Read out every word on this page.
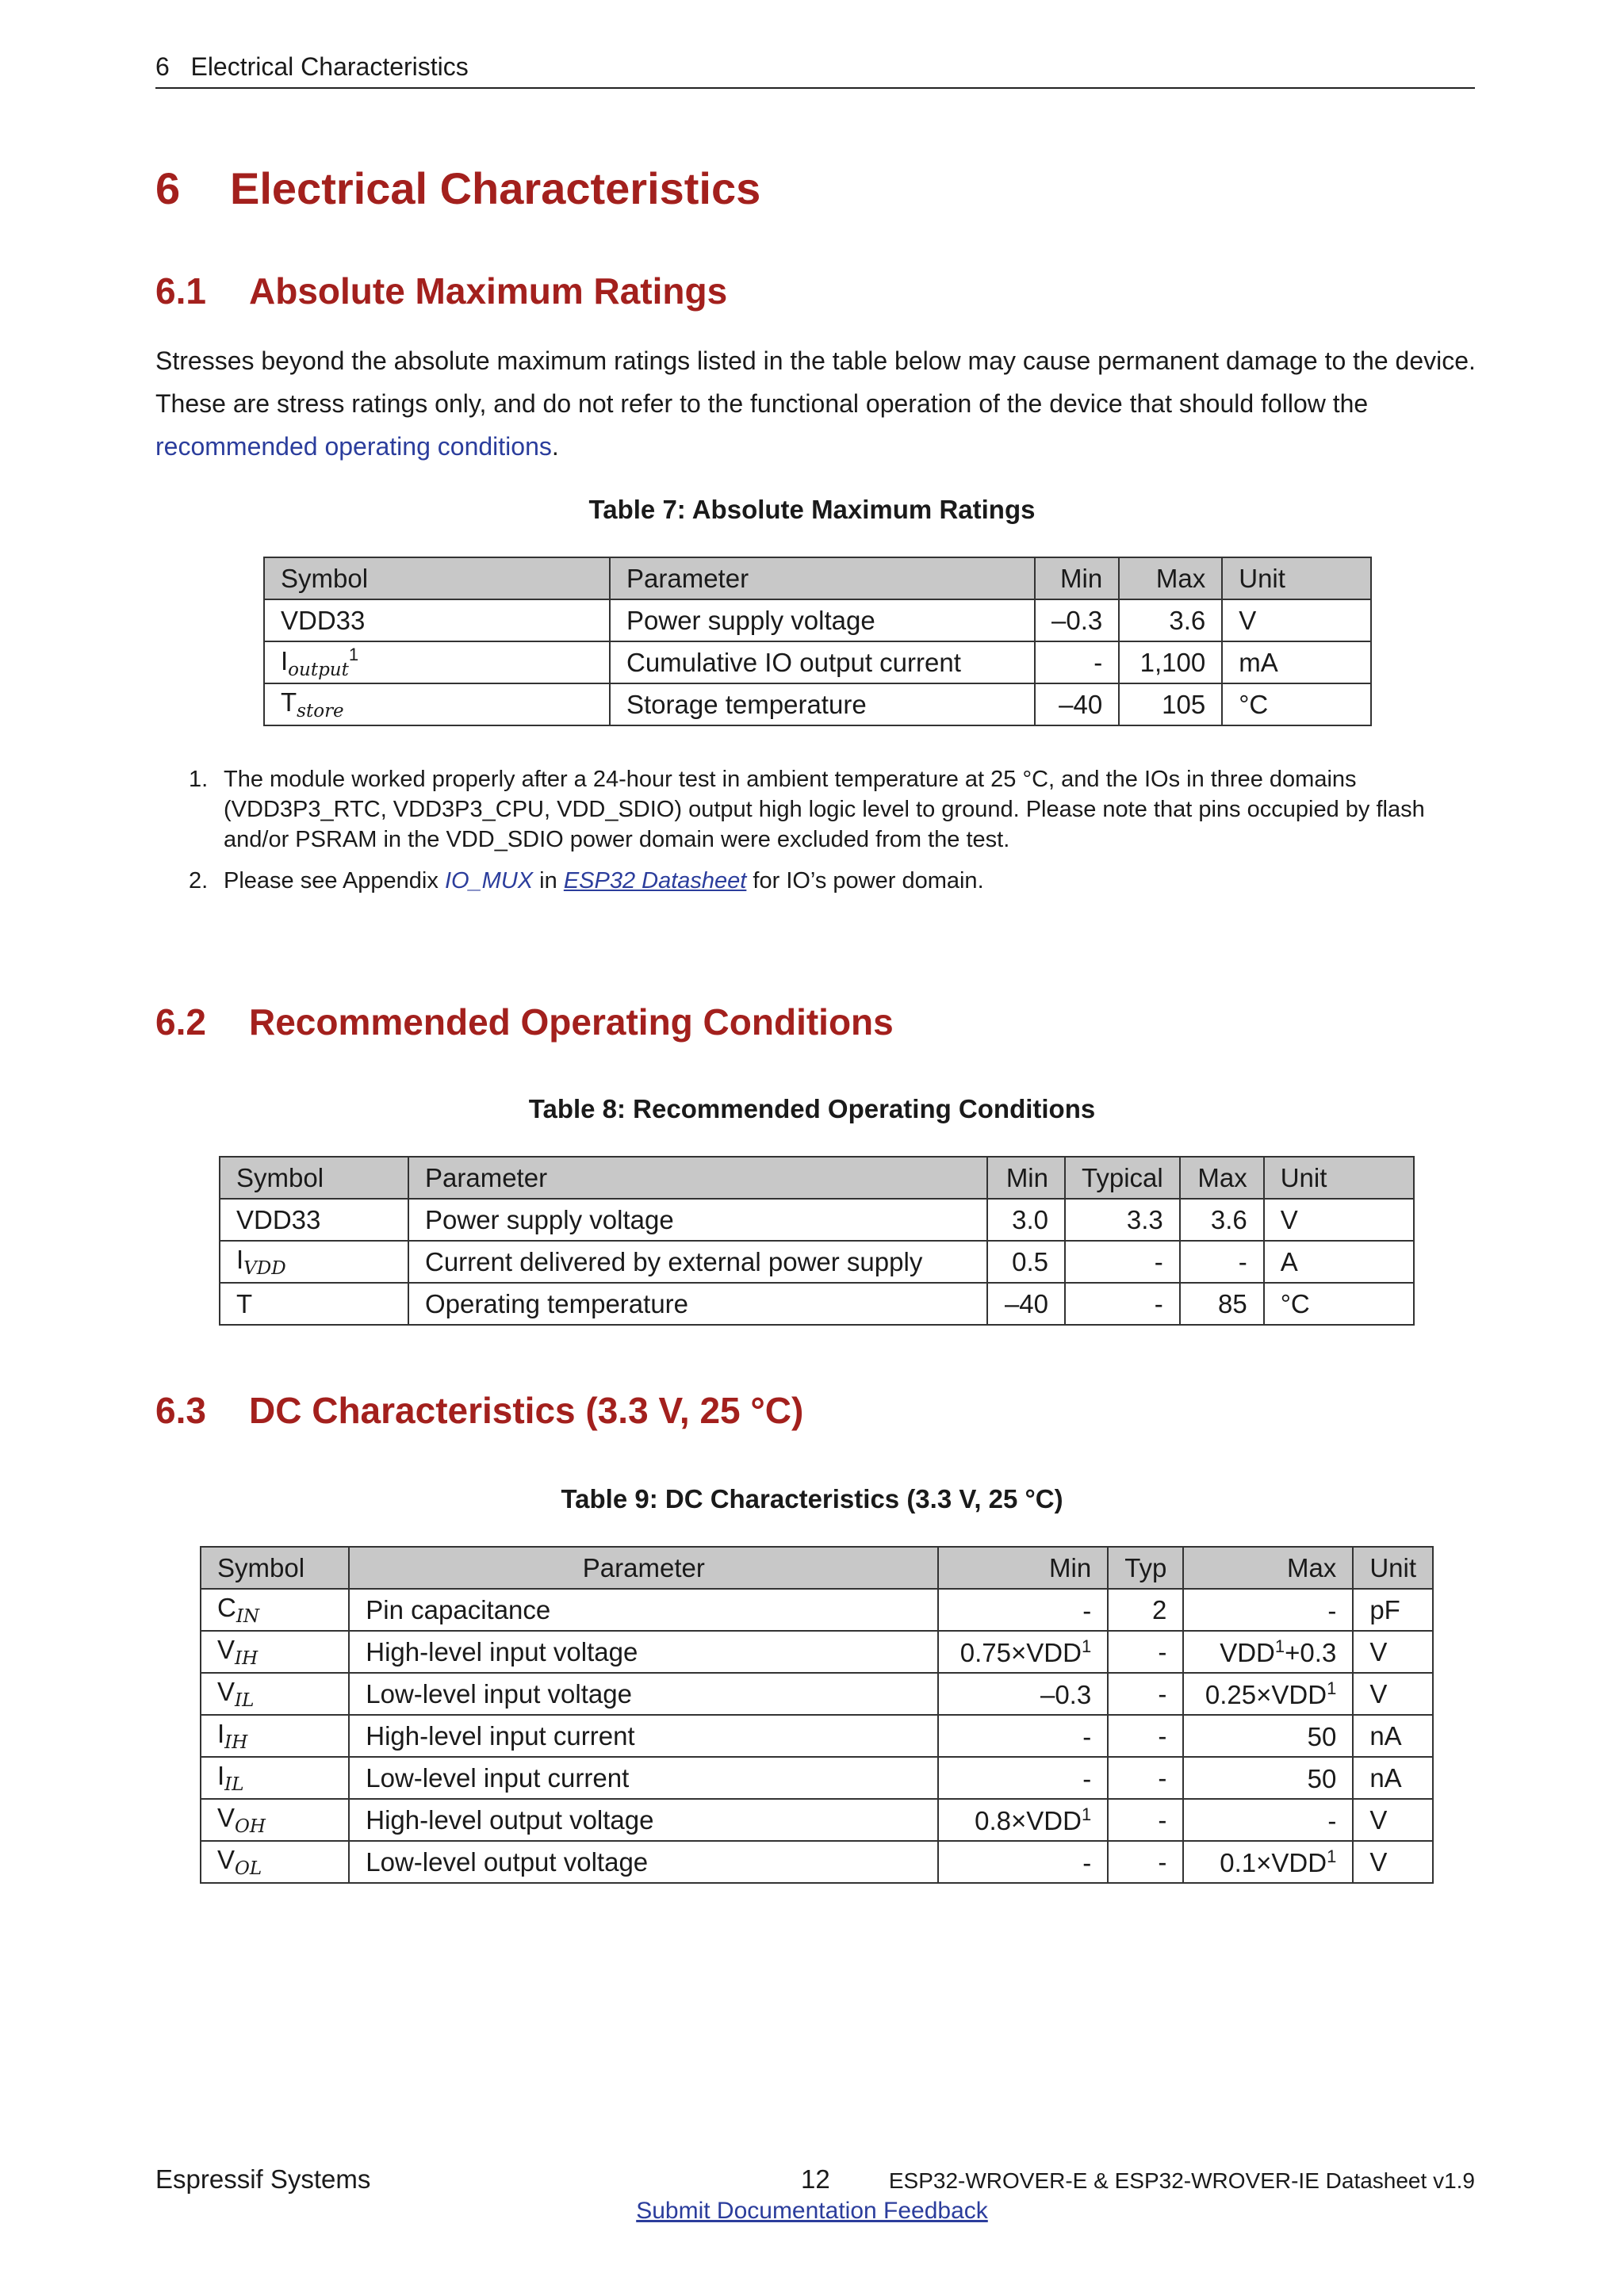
6 Electrical Characteristics
6 Electrical Characteristics
6.1 Absolute Maximum Ratings
Stresses beyond the absolute maximum ratings listed in the table below may cause permanent damage to the device. These are stress ratings only, and do not refer to the functional operation of the device that should follow the recommended operating conditions.
Table 7: Absolute Maximum Ratings
Symbol	Parameter	Min	Max	Unit
VDD33	Power supply voltage	–0.3	3.6	V
$I_{output}^1$	Cumulative IO output current	-	1,100	mA
$T_{store}$	Storage temperature	–40	105	°C
1. The module worked properly after a 24-hour test in ambient temperature at 25 °C, and the IOs in three domains (VDD3P3_RTC, VDD3P3_CPU, VDD_SDIO) output high logic level to ground. Please note that pins occupied by flash and/or PSRAM in the VDD_SDIO power domain were excluded from the test.
2. Please see Appendix IO_MUX in ESP32 Datasheet for IO’s power domain.
6.2 Recommended Operating Conditions
Table 8: Recommended Operating Conditions
Symbol	Parameter	Min	Typical	Max	Unit
VDD33	Power supply voltage	3.0	3.3	3.6	V
$I_{VDD}$	Current delivered by external power supply	0.5	-	-	A
T	Operating temperature	–40	-	85	°C
6.3 DC Characteristics (3.3 V, 25 °C)
Table 9: DC Characteristics (3.3 V, 25 °C)
Symbol	Parameter	Min	Typ	Max	Unit
$C_{IN}$	Pin capacitance	-	2	-	pF
$V_{IH}$	High-level input voltage	$0.75\times VDD^1$	-	$VDD^1+0.3$	V
$V_{IL}$	Low-level input voltage	–0.3	-	$0.25\times VDD^1$	V
$I_{IH}$	High-level input current	-	-	50	nA
$I_{IL}$	Low-level input current	-	-	50	nA
$V_{OH}$	High-level output voltage	$0.8\times VDD^1$	-	-	V
$V_{OL}$	Low-level output voltage	-	-	$0.1\times VDD^1$	V
Espressif Systems	12	ESP32-WROVER-E & ESP32-WROVER-IE Datasheet v1.9
Submit Documentation Feedback
